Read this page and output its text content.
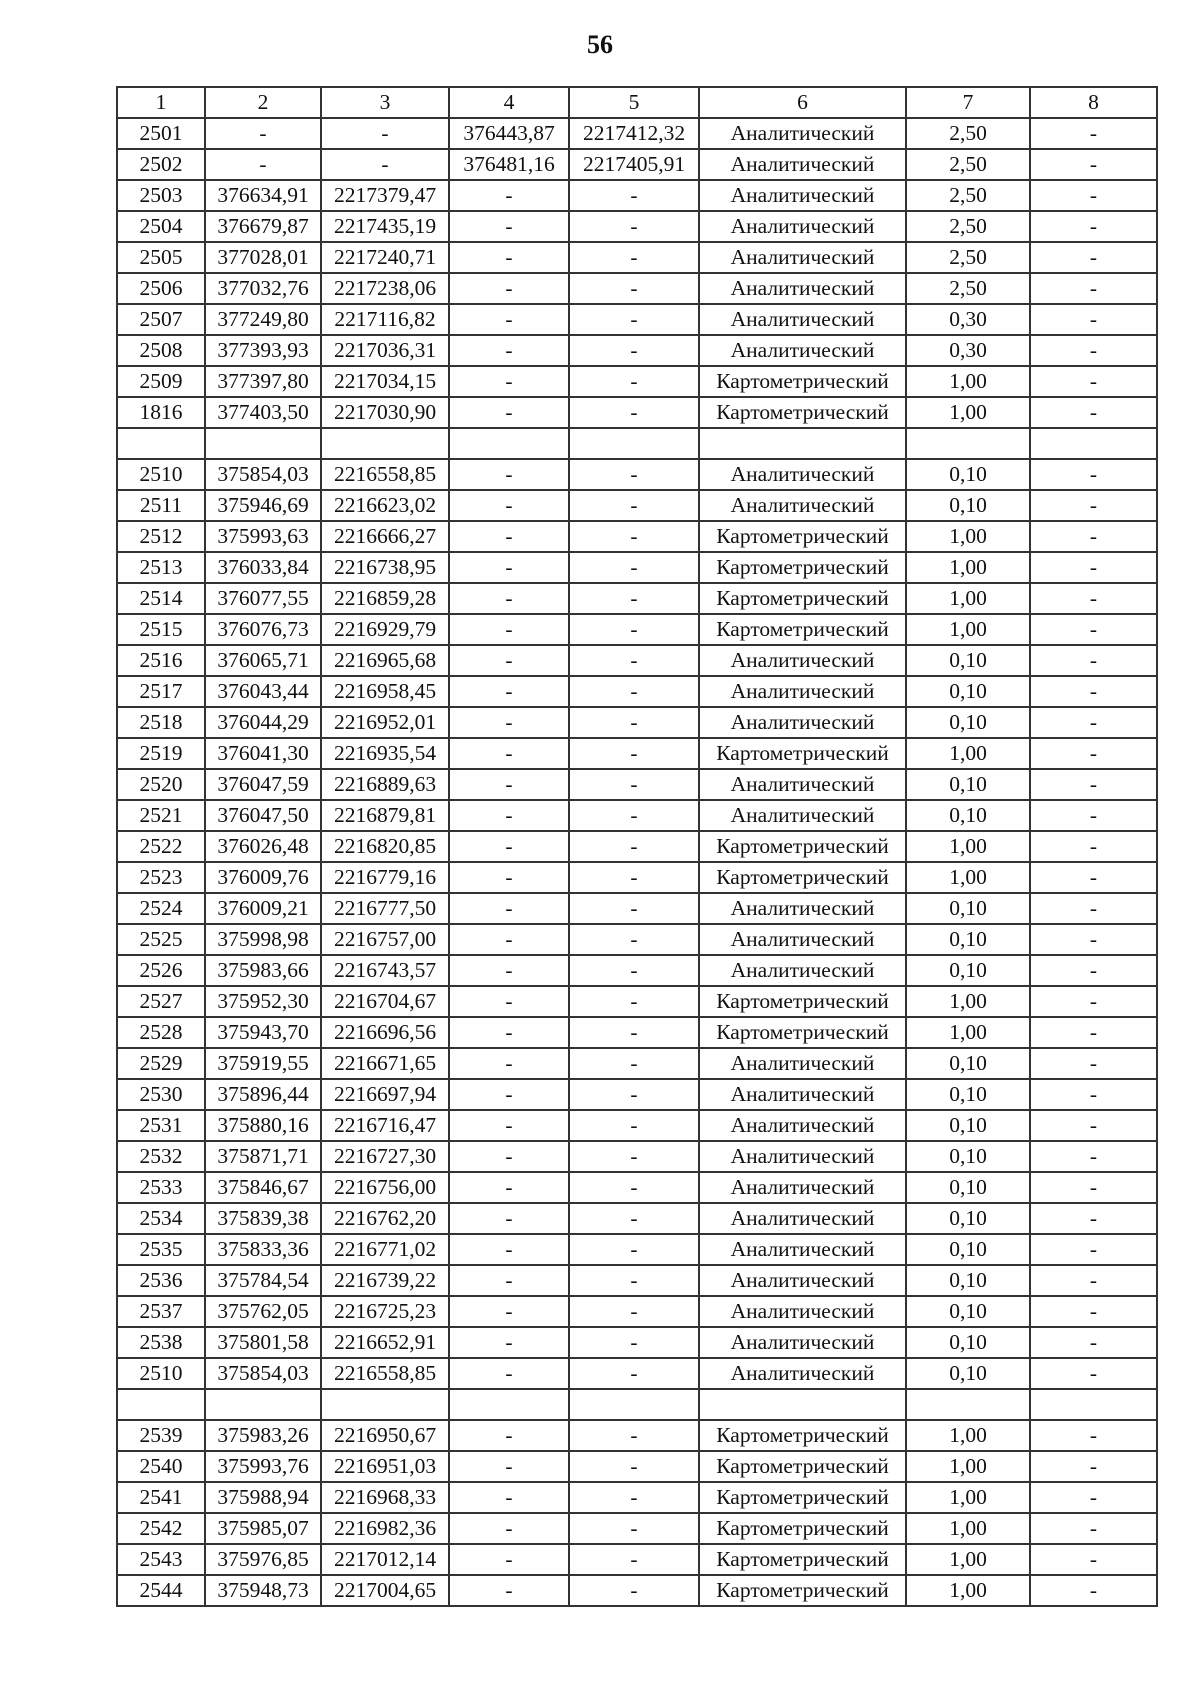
56
1	2	3	4	5	6	7	8
2501	-	-	376443,87	2217412,32	Аналитический	2,50	-
2502	-	-	376481,16	2217405,91	Аналитический	2,50	-
2503	376634,91	2217379,47	-	-	Аналитический	2,50	-
2504	376679,87	2217435,19	-	-	Аналитический	2,50	-
2505	377028,01	2217240,71	-	-	Аналитический	2,50	-
2506	377032,76	2217238,06	-	-	Аналитический	2,50	-
2507	377249,80	2217116,82	-	-	Аналитический	0,30	-
2508	377393,93	2217036,31	-	-	Аналитический	0,30	-
2509	377397,80	2217034,15	-	-	Картометрический	1,00	-
1816	377403,50	2217030,90	-	-	Картометрический	1,00	-

2510	375854,03	2216558,85	-	-	Аналитический	0,10	-
2511	375946,69	2216623,02	-	-	Аналитический	0,10	-
2512	375993,63	2216666,27	-	-	Картометрический	1,00	-
2513	376033,84	2216738,95	-	-	Картометрический	1,00	-
2514	376077,55	2216859,28	-	-	Картометрический	1,00	-
2515	376076,73	2216929,79	-	-	Картометрический	1,00	-
2516	376065,71	2216965,68	-	-	Аналитический	0,10	-
2517	376043,44	2216958,45	-	-	Аналитический	0,10	-
2518	376044,29	2216952,01	-	-	Аналитический	0,10	-
2519	376041,30	2216935,54	-	-	Картометрический	1,00	-
2520	376047,59	2216889,63	-	-	Аналитический	0,10	-
2521	376047,50	2216879,81	-	-	Аналитический	0,10	-
2522	376026,48	2216820,85	-	-	Картометрический	1,00	-
2523	376009,76	2216779,16	-	-	Картометрический	1,00	-
2524	376009,21	2216777,50	-	-	Аналитический	0,10	-
2525	375998,98	2216757,00	-	-	Аналитический	0,10	-
2526	375983,66	2216743,57	-	-	Аналитический	0,10	-
2527	375952,30	2216704,67	-	-	Картометрический	1,00	-
2528	375943,70	2216696,56	-	-	Картометрический	1,00	-
2529	375919,55	2216671,65	-	-	Аналитический	0,10	-
2530	375896,44	2216697,94	-	-	Аналитический	0,10	-
2531	375880,16	2216716,47	-	-	Аналитический	0,10	-
2532	375871,71	2216727,30	-	-	Аналитический	0,10	-
2533	375846,67	2216756,00	-	-	Аналитический	0,10	-
2534	375839,38	2216762,20	-	-	Аналитический	0,10	-
2535	375833,36	2216771,02	-	-	Аналитический	0,10	-
2536	375784,54	2216739,22	-	-	Аналитический	0,10	-
2537	375762,05	2216725,23	-	-	Аналитический	0,10	-
2538	375801,58	2216652,91	-	-	Аналитический	0,10	-
2510	375854,03	2216558,85	-	-	Аналитический	0,10	-

2539	375983,26	2216950,67	-	-	Картометрический	1,00	-
2540	375993,76	2216951,03	-	-	Картометрический	1,00	-
2541	375988,94	2216968,33	-	-	Картометрический	1,00	-
2542	375985,07	2216982,36	-	-	Картометрический	1,00	-
2543	375976,85	2217012,14	-	-	Картометрический	1,00	-
2544	375948,73	2217004,65	-	-	Картометрический	1,00	-
